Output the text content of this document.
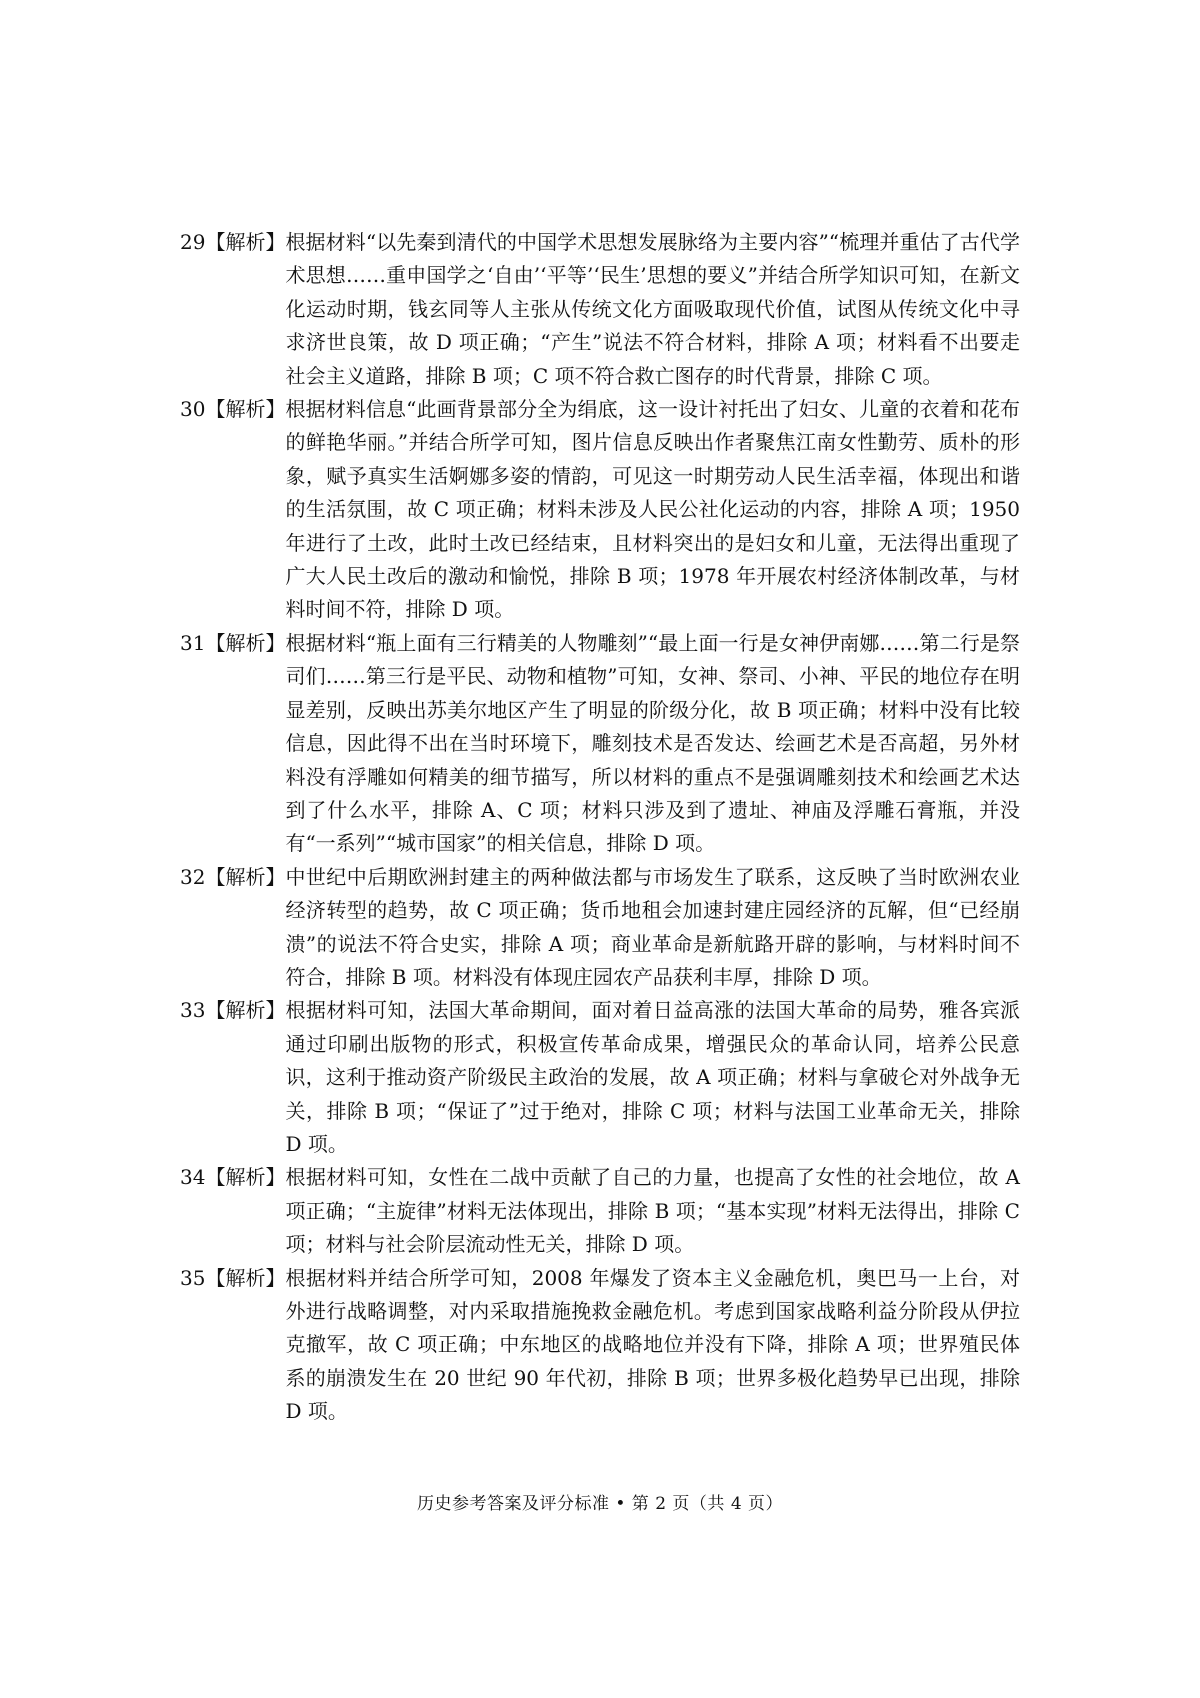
29【解析】 根据材料“以先秦到清代的中国学术思想发展脉络为主要内容”“梳理并重估了古代学术思想……重申国学之‘自由’‘平等’‘民生’思想的要义”并结合所学知识可知，在新文化运动时期，钱玄同等人主张从传统文化方面吸取现代价值，试图从传统文化中寻求济世良策，故 D 项正确；“产生”说法不符合材料，排除 A 项；材料看不出要走社会主义道路，排除 B 项；C 项不符合救亡图存的时代背景，排除 C 项。
30【解析】 根据材料信息“此画背景部分全为绢底，这一设计衬托出了妇女、儿童的衣着和花布的鲜艳华丽。”并结合所学可知，图片信息反映出作者聚焦江南女性勤劳、质朴的形象，赋予真实生活婀娜多姿的情韵，可见这一时期劳动人民生活幸福，体现出和谐的生活氛围，故 C 项正确；材料未涉及人民公社化运动的内容，排除 A 项；1950 年进行了土改，此时土改已经结束，且材料突出的是妇女和儿童，无法得出重现了广大人民土改后的激动和愉悦，排除 B 项；1978 年开展农村经济体制改革，与材料时间不符，排除 D 项。
31【解析】 根据材料“瓶上面有三行精美的人物雕刻”“最上面一行是女神伊南娜……第二行是祭司们……第三行是平民、动物和植物”可知，女神、祭司、小神、平民的地位存在明显差别，反映出苏美尔地区产生了明显的阶级分化，故 B 项正确；材料中没有比较信息，因此得不出在当时环境下，雕刻技术是否发达、绘画艺术是否高超，另外材料没有浮雕如何精美的细节描写，所以材料的重点不是强调雕刻技术和绘画艺术达到了什么水平，排除 A、C 项；材料只涉及到了遗址、神庙及浮雕石膏瓶，并没有“一系列”“城市国家”的相关信息，排除 D 项。
32【解析】 中世纪中后期欧洲封建主的两种做法都与市场发生了联系，这反映了当时欧洲农业经济转型的趋势，故 C 项正确；货币地租会加速封建庄园经济的瓦解，但“已经崩溃”的说法不符合史实，排除 A 项；商业革命是新航路开辟的影响，与材料时间不符合，排除 B 项。材料没有体现庄园农产品获利丰厚，排除 D 项。
33【解析】 根据材料可知，法国大革命期间，面对着日益高涨的法国大革命的局势，雅各宾派通过印刷出版物的形式，积极宣传革命成果，增强民众的革命认同，培养公民意识，这利于推动资产阶级民主政治的发展，故 A 项正确；材料与拿破仑对外战争无关，排除 B 项；“保证了”过于绝对，排除 C 项；材料与法国工业革命无关，排除 D 项。
34【解析】 根据材料可知，女性在二战中贡献了自己的力量，也提高了女性的社会地位，故 A 项正确；“主旋律”材料无法体现出，排除 B 项；“基本实现”材料无法得出，排除 C 项；材料与社会阶层流动性无关，排除 D 项。
35【解析】 根据材料并结合所学可知，2008 年爆发了资本主义金融危机，奥巴马一上台，对外进行战略调整，对内采取措施挽救金融危机。考虑到国家战略利益分阶段从伊拉克撤军，故 C 项正确；中东地区的战略地位并没有下降，排除 A 项；世界殖民体系的崩溃发生在 20 世纪 90 年代初，排除 B 项；世界多极化趋势早已出现，排除 D 项。
历史参考答案及评分标准 • 第 2 页（共 4 页）
